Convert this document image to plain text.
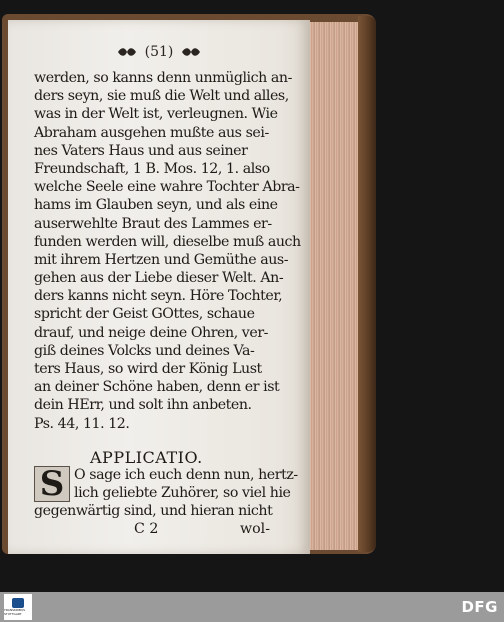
(51)
werden, so kanns denn unmüglich an-
ders seyn, sie muß die Welt und alles,
was in der Welt ist, verleugnen. Wie
Abraham ausgehen mußte aus sei-
nes Vaters Haus und aus seiner
Freundschaft, 1 B. Mos. 12, 1. also
welche Seele eine wahre Tochter Abra-
hams im Glauben seyn, und als eine
auserwehlte Braut des Lammes er-
funden werden will, dieselbe muß auch
mit ihrem Hertzen und Gemüthe aus-
gehen aus der Liebe dieser Welt. An-
ders kanns nicht seyn. Höre Tochter,
spricht der Geist GOttes, schaue
drauf, und neige deine Ohren, ver-
giß deines Volcks und deines Va-
ters Haus, so wird der König Lust
an deiner Schöne haben, denn er ist
dein HErr, und solt ihn anbeten.
Ps. 44, 11. 12.
APPLICATIO.
S O sage ich euch denn nun, hertz-
lich geliebte Zuhörer, so viel hie
gegenwärtig sind, und hieran nicht
C 2	wol-
TRANSKRIBUS STUTTGART	DFG
